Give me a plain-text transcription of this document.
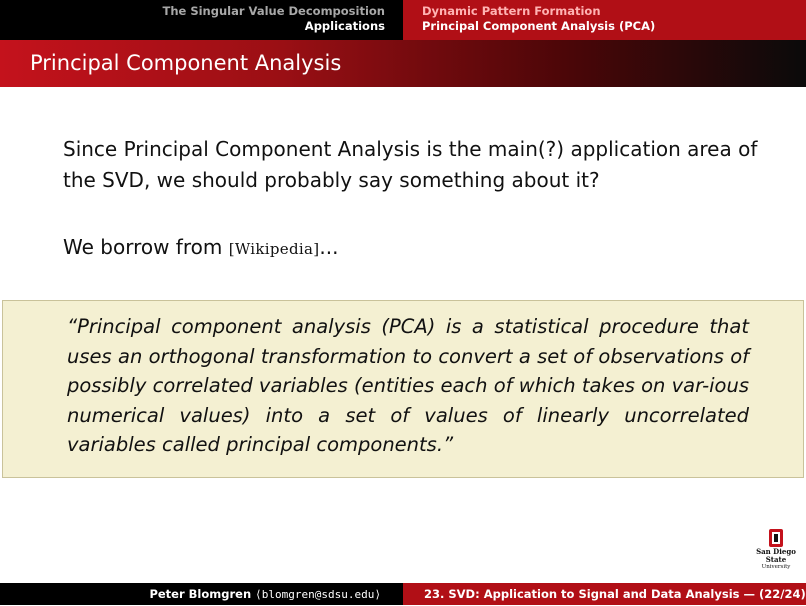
The Singular Value Decomposition
Applications
Dynamic Pattern Formation
Principal Component Analysis (PCA)
Principal Component Analysis
Since Principal Component Analysis is the main(?) application area of the SVD, we should probably say something about it?
We borrow from [Wikipedia]...
“Principal component analysis (PCA) is a statistical procedure that uses an orthogonal transformation to convert a set of observations of possibly correlated variables (entities each of which takes on var-ious numerical values) into a set of values of linearly uncorrelated variables called principal components.”
San Diego State
University
Peter Blomgren ⟨blomgren@sdsu.edu⟩	23. SVD: Application to Signal and Data Analysis — (22/24)
